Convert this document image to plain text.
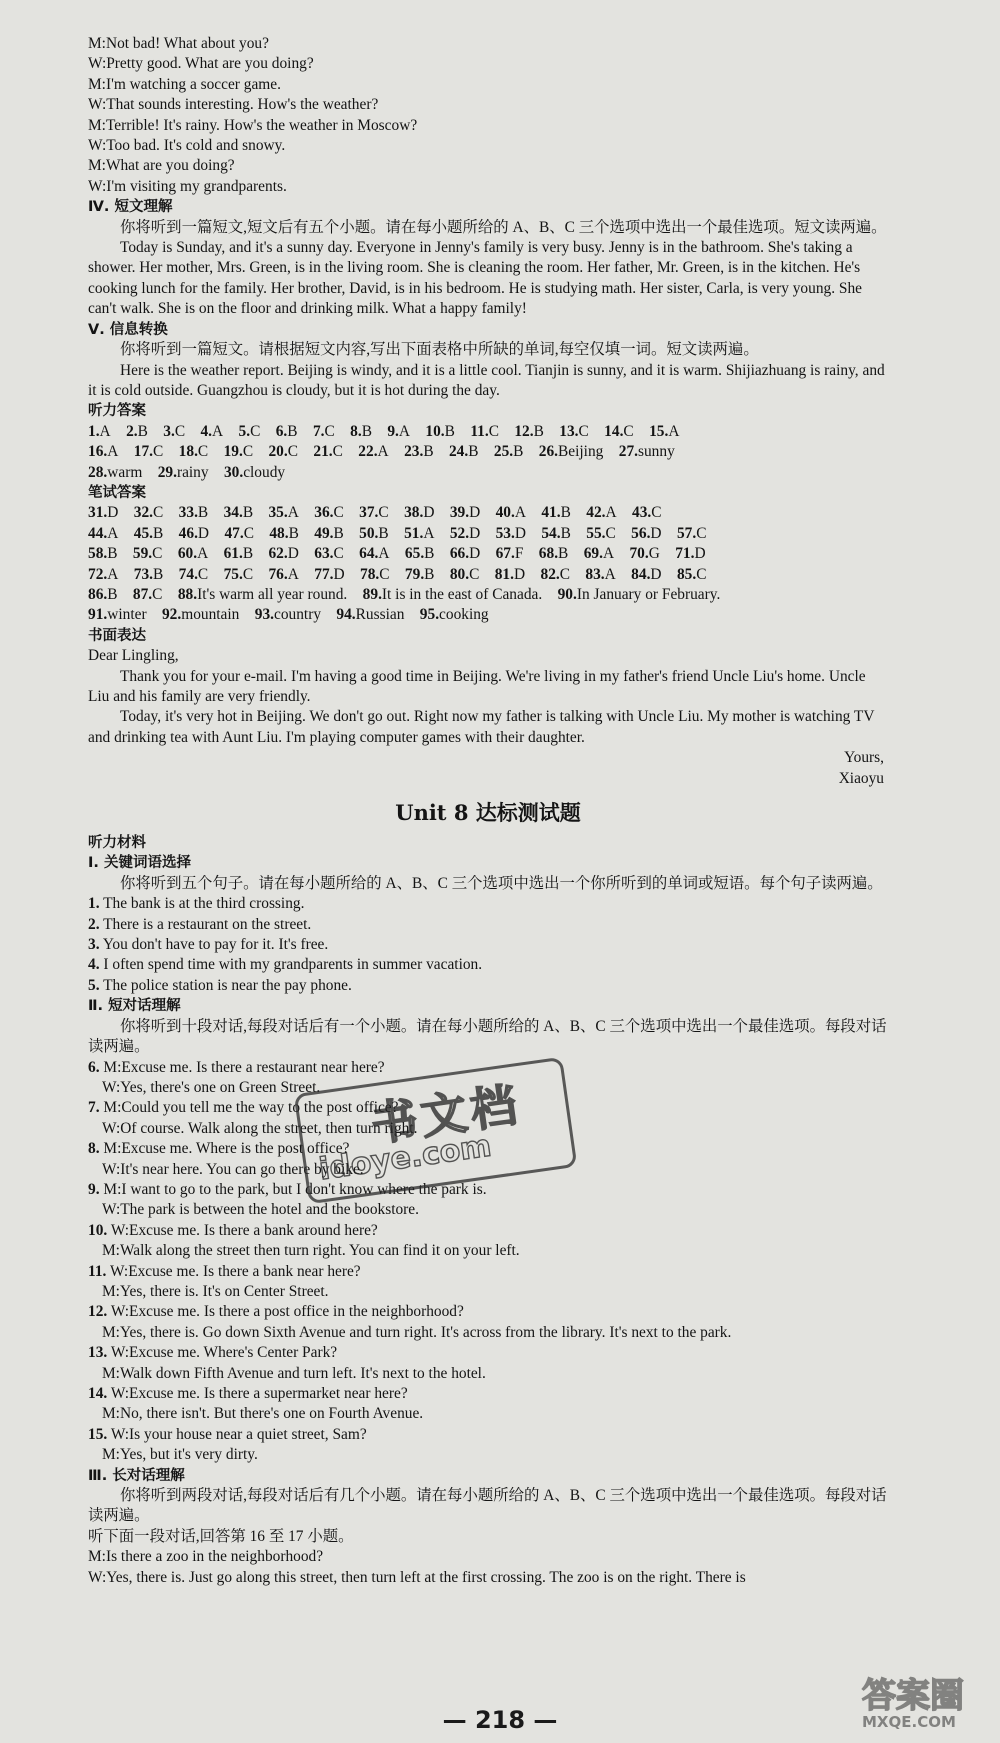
M:Not bad! What about you?
W:Pretty good. What are you doing?
M:I'm watching a soccer game.
W:That sounds interesting. How's the weather?
M:Terrible! It's rainy. How's the weather in Moscow?
W:Too bad. It's cold and snowy.
M:What are you doing?
W:I'm visiting my grandparents.
Ⅳ. 短文理解
你将听到一篇短文,短文后有五个小题。请在每小题所给的 A、B、C 三个选项中选出一个最佳选项。短文读两遍。
Today is Sunday, and it's a sunny day. Everyone in Jenny's family is very busy. Jenny is in the bathroom. She's taking a shower. Her mother, Mrs. Green, is in the living room. She is cleaning the room. Her father, Mr. Green, is in the kitchen. He's cooking lunch for the family. Her brother, David, is in his bedroom. He is studying math. Her sister, Carla, is very young. She can't walk. She is on the floor and drinking milk. What a happy family!
Ⅴ. 信息转换
你将听到一篇短文。请根据短文内容,写出下面表格中所缺的单词,每空仅填一词。短文读两遍。
Here is the weather report. Beijing is windy, and it is a little cool. Tianjin is sunny, and it is warm. Shijiazhuang is rainy, and it is cold outside. Guangzhou is cloudy, but it is hot during the day.
听力答案
1.A 2.B 3.C 4.A 5.C 6.B 7.C 8.B 9.A 10.B 11.C 12.B 13.C 14.C 15.A
16.A 17.C 18.C 19.C 20.C 21.C 22.A 23.B 24.B 25.B 26.Beijing 27.sunny
28.warm 29.rainy 30.cloudy
笔试答案
31.D 32.C 33.B 34.B 35.A 36.C 37.C 38.D 39.D 40.A 41.B 42.A 43.C
44.A 45.B 46.D 47.C 48.B 49.B 50.B 51.A 52.D 53.D 54.B 55.C 56.D 57.C
58.B 59.C 60.A 61.B 62.D 63.C 64.A 65.B 66.D 67.F 68.B 69.A 70.G 71.D
72.A 73.B 74.C 75.C 76.A 77.D 78.C 79.B 80.C 81.D 82.C 83.A 84.D 85.C
86.B 87.C 88.It's warm all year round. 89.It is in the east of Canada. 90.In January or February.
91.winter 92.mountain 93.country 94.Russian 95.cooking
书面表达
Dear Lingling,
Thank you for your e-mail. I'm having a good time in Beijing. We're living in my father's friend Uncle Liu's home. Uncle Liu and his family are very friendly.
Today, it's very hot in Beijing. We don't go out. Right now my father is talking with Uncle Liu. My mother is watching TV and drinking tea with Aunt Liu. I'm playing computer games with their daughter.
Yours,
Xiaoyu
Unit 8 达标测试题
听力材料
Ⅰ. 关键词语选择
你将听到五个句子。请在每小题所给的 A、B、C 三个选项中选出一个你所听到的单词或短语。每个句子读两遍。
1. The bank is at the third crossing.
2. There is a restaurant on the street.
3. You don't have to pay for it. It's free.
4. I often spend time with my grandparents in summer vacation.
5. The police station is near the pay phone.
Ⅱ. 短对话理解
你将听到十段对话,每段对话后有一个小题。请在每小题所给的 A、B、C 三个选项中选出一个最佳选项。每段对话读两遍。
6. M:Excuse me. Is there a restaurant near here?
W:Yes, there's one on Green Street.
7. M:Could you tell me the way to the post office?
W:Of course. Walk along the street, then turn right.
8. M:Excuse me. Where is the post office?
W:It's near here. You can go there by bike.
9. M:I want to go to the park, but I don't know where the park is.
W:The park is between the hotel and the bookstore.
10. W:Excuse me. Is there a bank around here?
M:Walk along the street then turn right. You can find it on your left.
11. W:Excuse me. Is there a bank near here?
M:Yes, there is. It's on Center Street.
12. W:Excuse me. Is there a post office in the neighborhood?
M:Yes, there is. Go down Sixth Avenue and turn right. It's across from the library. It's next to the park.
13. W:Excuse me. Where's Center Park?
M:Walk down Fifth Avenue and turn left. It's next to the hotel.
14. W:Excuse me. Is there a supermarket near here?
M:No, there isn't. But there's one on Fourth Avenue.
15. W:Is your house near a quiet street, Sam?
M:Yes, but it's very dirty.
Ⅲ. 长对话理解
你将听到两段对话,每段对话后有几个小题。请在每小题所给的 A、B、C 三个选项中选出一个最佳选项。每段对话读两遍。
听下面一段对话,回答第 16 至 17 小题。
M:Is there a zoo in the neighborhood?
W:Yes, there is. Just go along this street, then turn left at the first crossing. The zoo is on the right. There is
书文档
idoye.com
— 218 —
答案圈
MXQE.COM
